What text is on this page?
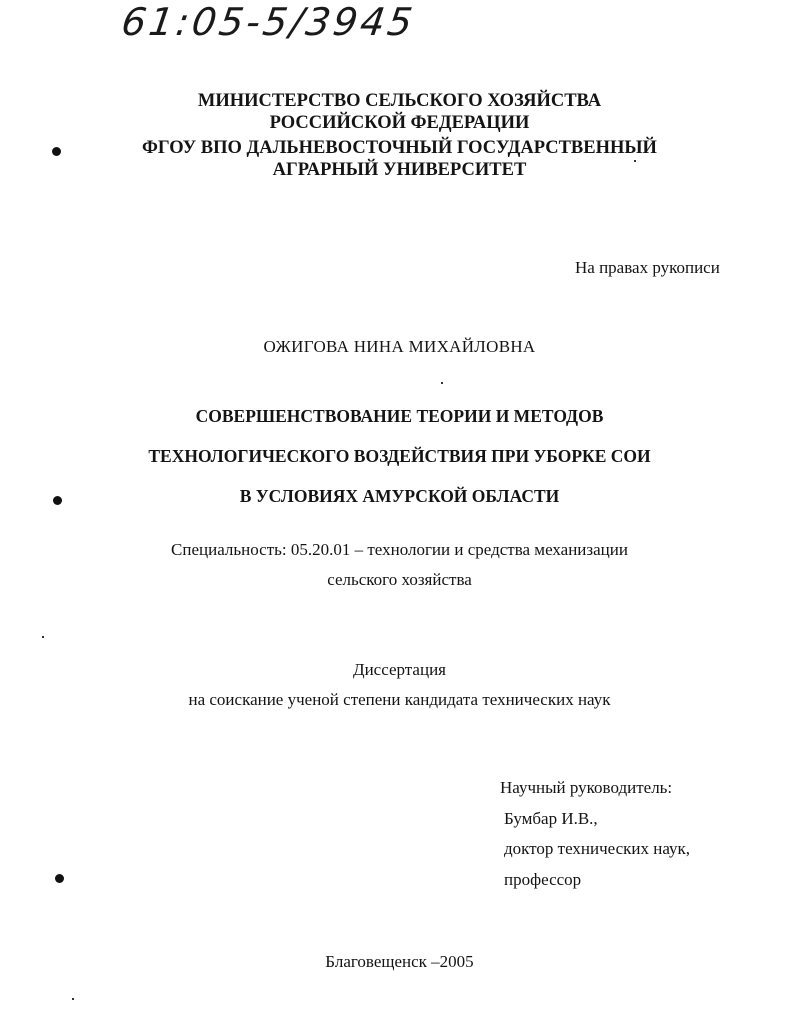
61:05-5/3945
МИНИСТЕРСТВО СЕЛЬСКОГО ХОЗЯЙСТВА
РОССИЙСКОЙ ФЕДЕРАЦИИ
ФГОУ ВПО ДАЛЬНЕВОСТОЧНЫЙ ГОСУДАРСТВЕННЫЙ
АГРАРНЫЙ УНИВЕРСИТЕТ
На правах рукописи
ОЖИГОВА НИНА МИХАЙЛОВНА
СОВЕРШЕНСТВОВАНИЕ ТЕОРИИ И МЕТОДОВ
ТЕХНОЛОГИЧЕСКОГО ВОЗДЕЙСТВИЯ ПРИ УБОРКЕ СОИ
В УСЛОВИЯХ АМУРСКОЙ ОБЛАСТИ
Специальность: 05.20.01 – технологии и средства механизации
сельского хозяйства
Диссертация
на соискание ученой степени кандидата технических наук
Научный руководитель:
Бумбар И.В.,
доктор технических наук,
профессор
Благовещенск –2005
